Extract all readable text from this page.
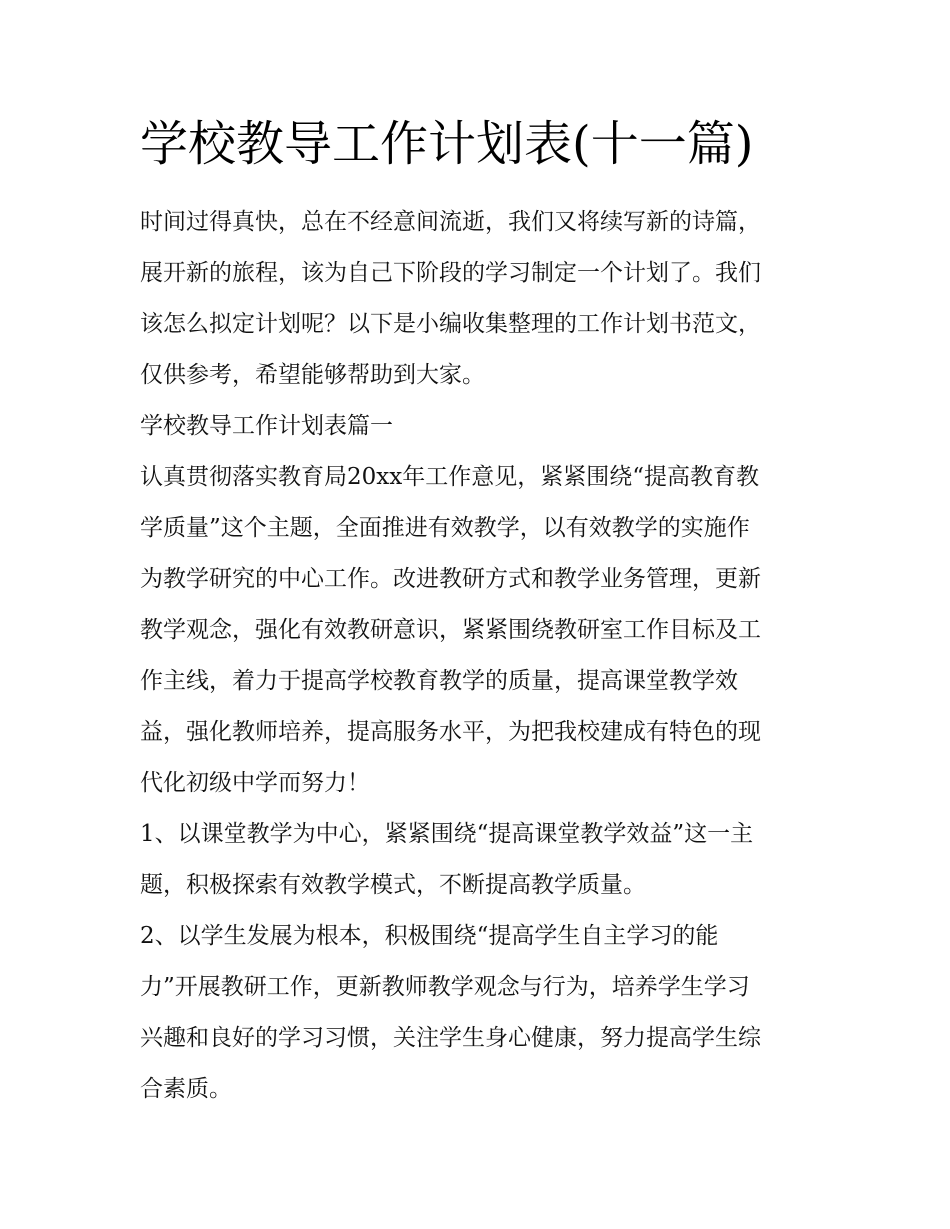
学校教导工作计划表(十一篇)

时间过得真快，总在不经意间流逝，我们又将续写新的诗篇，

展开新的旅程，该为自己下阶段的学习制定一个计划了。我们

该怎么拟定计划呢？以下是小编收集整理的工作计划书范文，

仅供参考，希望能够帮助到大家。

学校教导工作计划表篇一

认真贯彻落实教育局20xx年工作意见，紧紧围绕“提高教育教

学质量”这个主题，全面推进有效教学，以有效教学的实施作

为教学研究的中心工作。改进教研方式和教学业务管理，更新

教学观念，强化有效教研意识，紧紧围绕教研室工作目标及工

作主线，着力于提高学校教育教学的质量，提高课堂教学效

益，强化教师培养，提高服务水平，为把我校建成有特色的现

代化初级中学而努力！

1、以课堂教学为中心，紧紧围绕“提高课堂教学效益”这一主

题，积极探索有效教学模式，不断提高教学质量。

2、以学生发展为根本，积极围绕“提高学生自主学习的能

力”开展教研工作，更新教师教学观念与行为，培养学生学习

兴趣和良好的学习习惯，关注学生身心健康，努力提高学生综

合素质。
